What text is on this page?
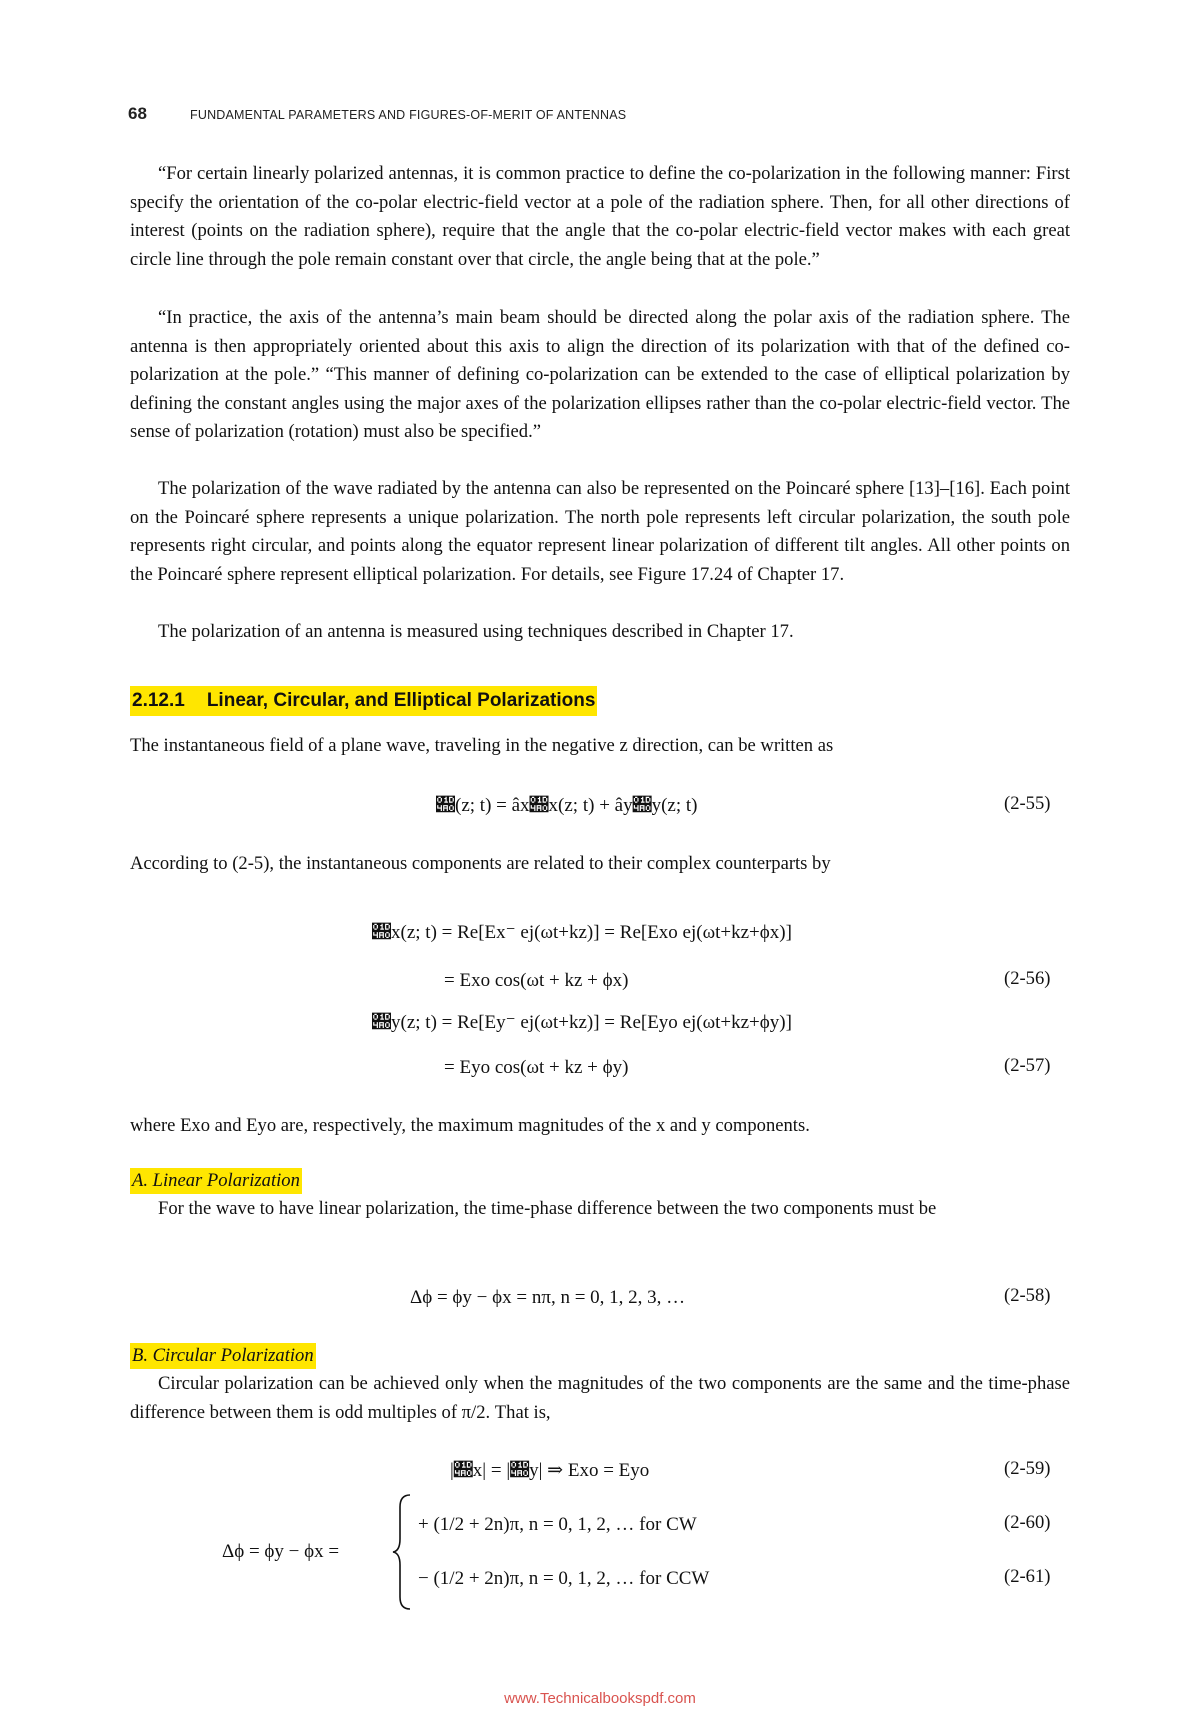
68	FUNDAMENTAL PARAMETERS AND FIGURES-OF-MERIT OF ANTENNAS

“For certain linearly polarized antennas, it is common practice to define the co-polarization in the following manner: First specify the orientation of the co-polar electric-field vector at a pole of the radiation sphere. Then, for all other directions of interest (points on the radiation sphere), require that the angle that the co-polar electric-field vector makes with each great circle line through the pole remain constant over that circle, the angle being that at the pole.”

“In practice, the axis of the antenna’s main beam should be directed along the polar axis of the radiation sphere. The antenna is then appropriately oriented about this axis to align the direction of its polarization with that of the defined co-polarization at the pole.” “This manner of defining co-polarization can be extended to the case of elliptical polarization by defining the constant angles using the major axes of the polarization ellipses rather than the co-polar electric-field vector. The sense of polarization (rotation) must also be specified.”

The polarization of the wave radiated by the antenna can also be represented on the Poincaré sphere [13]–[16]. Each point on the Poincaré sphere represents a unique polarization. The north pole represents left circular polarization, the south pole represents right circular, and points along the equator represent linear polarization of different tilt angles. All other points on the Poincaré sphere represent elliptical polarization. For details, see Figure 17.24 of Chapter 17.

The polarization of an antenna is measured using techniques described in Chapter 17.

2.12.1 Linear, Circular, and Elliptical Polarizations

The instantaneous field of a plane wave, traveling in the negative z direction, can be written as

𝒠(z; t) = âx𝒠x(z; t) + ây𝒠y(z; t)	(2-55)

According to (2-5), the instantaneous components are related to their complex counterparts by

𝒠x(z; t) = Re[Ex⁻ ej(ωt+kz)] = Re[Exo ej(ωt+kz+ϕx)]
= Exo cos(ωt + kz + ϕx)	(2-56)
𝒠y(z; t) = Re[Ey⁻ ej(ωt+kz)] = Re[Eyo ej(ωt+kz+ϕy)]
= Eyo cos(ωt + kz + ϕy)	(2-57)

where Exo and Eyo are, respectively, the maximum magnitudes of the x and y components.

A. Linear Polarization

For the wave to have linear polarization, the time-phase difference between the two components must be

Δϕ = ϕy − ϕx = nπ, n = 0, 1, 2, 3, …	(2-58)
B. Circular Polarization

Circular polarization can be achieved only when the magnitudes of the two components are the same and the time-phase difference between them is odd multiples of π/2. That is,

|𝒠x| = |𝒠y| ⇒ Exo = Eyo	(2-59)
Δϕ = ϕy − ϕx =
+ (1/2 + 2n)π, n = 0, 1, 2, … for CW	(2-60)
− (1/2 + 2n)π, n = 0, 1, 2, … for CCW	(2-61)
www.Technicalbookspdf.com
